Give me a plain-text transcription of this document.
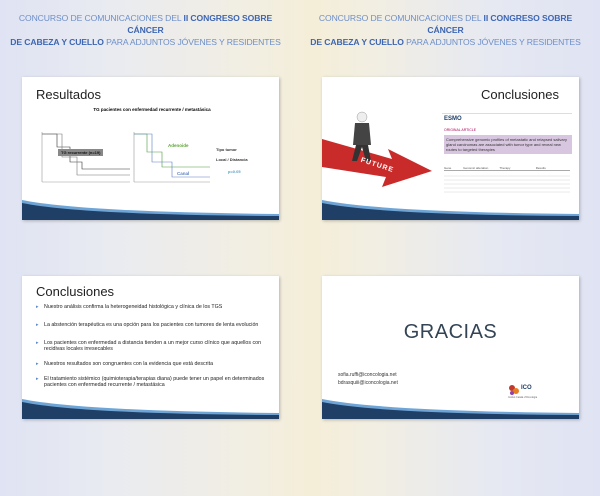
CONCURSO DE COMUNICACIONES DEL II CONGRESO SOBRE CÁNCER
DE CABEZA Y CUELLO PARA ADJUNTOS JÓVENES Y RESIDENTES
CONCURSO DE COMUNICACIONES DEL II CONGRESO SOBRE CÁNCER
DE CABEZA Y CUELLO PARA ADJUNTOS JÓVENES Y RESIDENTES
Resultados
TG pacientes con enfermedad recurrente / metastásica
TG recurrente (n=19)
Adenoide
Canal
Tipo tumor
Local / Distancia
p=0.05
Conclusiones
FUTURE
ESMO
ORIGINAL ARTICLE
Comprehensive genomic profiles of metastatic and relapsed salivary gland carcinomas are associated with tumor type and reveal new routes to targeted therapies
Gene	Genomic alteration	Therapy	Results
Conclusiones
▸ Nuestro análisis confirma la heterogeneidad histológica y clínica de los TGS
▸ La abstención terapéutica es una opción para los pacientes con tumores de lenta evolución
▸ Los pacientes con enfermedad a distancia tienden a un mejor curso clínico que aquellos con recidivas locales irresecables
▸ Nuestros resultados son congruentes con la evidencia que está descrita
▸ El tratamiento sistémico (quimioterapia/terapias diana) puede tener un papel en determinados pacientes con enfermedad recurrente / metastásica
GRACIAS
sofia.ruffi@iconcologia.net
bdrasquiii@iconcologia.net
ICO
Institut Català d'Oncologia
